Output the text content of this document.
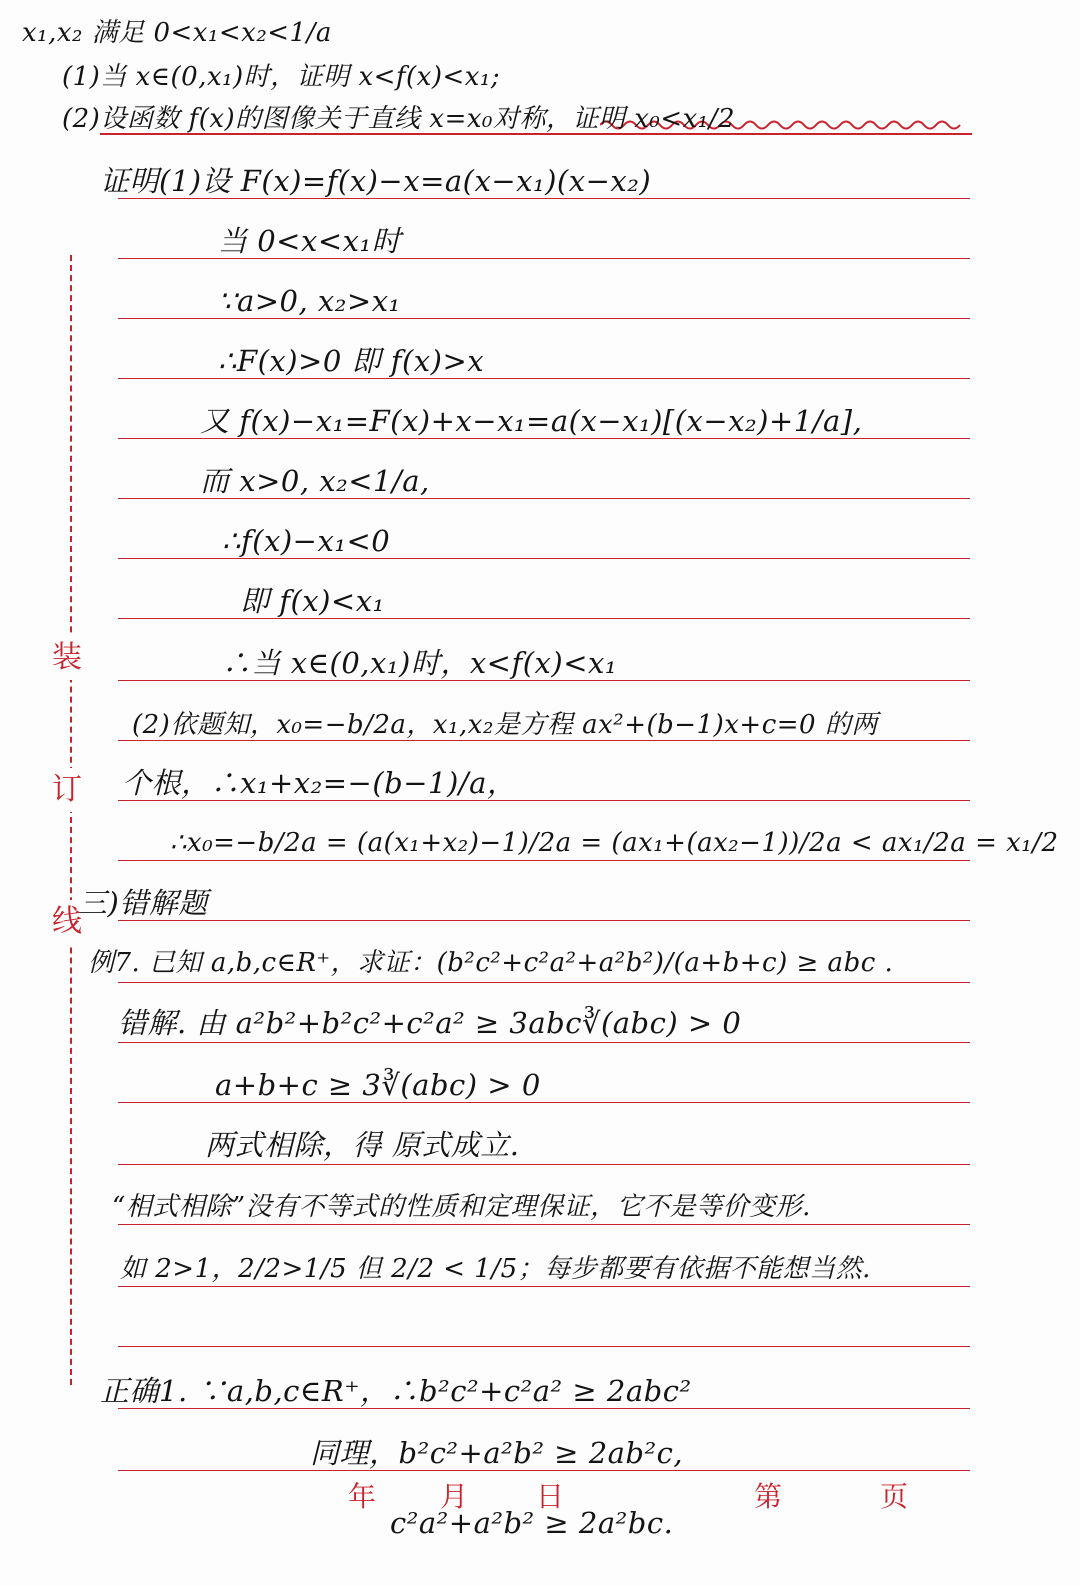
装
订
线
x₁,x₂ 满足 0<x₁<x₂<1/a
(1)当 x∈(0,x₁)时，证明 x<f(x)<x₁;
(2)设函数 f(x)的图像关于直线 x=x₀对称，证明 x₀<x₁/2
证明(1)设 F(x)=f(x)−x=a(x−x₁)(x−x₂)
当 0<x<x₁时
∵a>0, x₂>x₁
∴F(x)>0 即 f(x)>x
又 f(x)−x₁=F(x)+x−x₁=a(x−x₁)[(x−x₂)+1/a],
而 x>0, x₂<1/a,
∴f(x)−x₁<0
即 f(x)<x₁
∴当 x∈(0,x₁)时，x<f(x)<x₁
(2)依题知，x₀=−b/2a，x₁,x₂是方程 ax²+(b−1)x+c=0 的两
个根，∴x₁+x₂=−(b−1)/a，
∴x₀=−b/2a = (a(x₁+x₂)−1)/2a = (ax₁+(ax₂−1))/2a < ax₁/2a = x₁/2
三)错解题
例7. 已知 a,b,c∈R⁺，求证：(b²c²+c²a²+a²b²)/(a+b+c) ≥ abc .
错解. 由 a²b²+b²c²+c²a² ≥ 3abc∛(abc) > 0
a+b+c ≥ 3∛(abc) > 0
两式相除，得 原式成立.
“相式相除”没有不等式的性质和定理保证，它不是等价变形.
如 2>1，2/2>1/5 但 2/2 < 1/5；每步都要有依据不能想当然.
正确1. ∵a,b,c∈R⁺，∴b²c²+c²a² ≥ 2abc²
同理，b²c²+a²b² ≥ 2ab²c,
c²a²+a²b² ≥ 2a²bc.
年 月 日	第	页
